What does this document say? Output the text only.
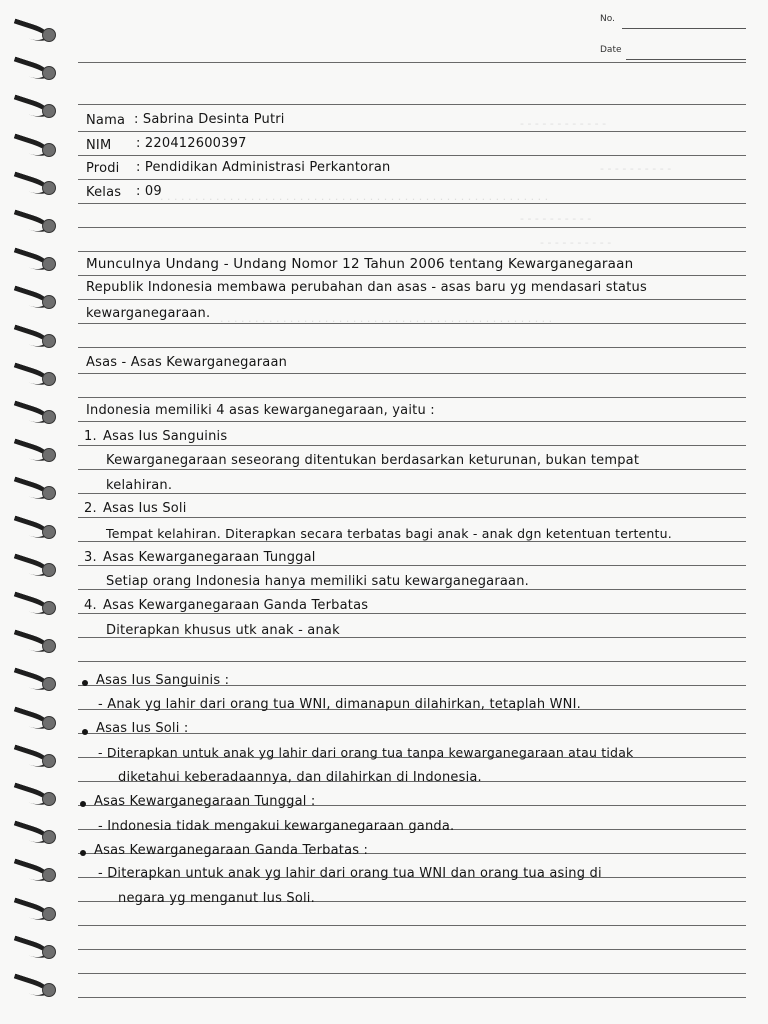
No.
Date
- - - - - - - - - - - -
- - - - - - - - - -
. . . . . . . . . . . . . . . . . . . . . . . . . . . . . . . . . . . . . . . . . . . . . . . . . . . . . . . .
- - - - - - - - - -
- - - - - - - - - -
. . . . . . . . . . . . . . . . . . . . . . . . . . . . . . . . . . . . . . . . . . . . . . . .
Nama : Sabrina Desinta Putri
NIM : 220412600397
Prodi : Pendidikan Administrasi Perkantoran
Kelas : 09
Munculnya Undang - Undang Nomor 12 Tahun 2006 tentang Kewarganegaraan
Republik Indonesia membawa perubahan dan asas - asas baru yg mendasari status
kewarganegaraan.
Asas - Asas Kewarganegaraan
Indonesia memiliki 4 asas kewarganegaraan, yaitu :
1. Asas Ius Sanguinis
Kewarganegaraan seseorang ditentukan berdasarkan keturunan, bukan tempat
kelahiran.
2. Asas Ius Soli
Tempat kelahiran. Diterapkan secara terbatas bagi anak - anak dgn ketentuan tertentu.
3. Asas Kewarganegaraan Tunggal
Setiap orang Indonesia hanya memiliki satu kewarganegaraan.
4. Asas Kewarganegaraan Ganda Terbatas
Diterapkan khusus utk anak - anak
Asas Ius Sanguinis :
- Anak yg lahir dari orang tua WNI, dimanapun dilahirkan, tetaplah WNI.
Asas Ius Soli :
- Diterapkan untuk anak yg lahir dari orang tua tanpa kewarganegaraan atau tidak
diketahui keberadaannya, dan dilahirkan di Indonesia.
Asas Kewarganegaraan Tunggal :
- Indonesia tidak mengakui kewarganegaraan ganda.
Asas Kewarganegaraan Ganda Terbatas :
- Diterapkan untuk anak yg lahir dari orang tua WNI dan orang tua asing di
negara yg menganut Ius Soli.
